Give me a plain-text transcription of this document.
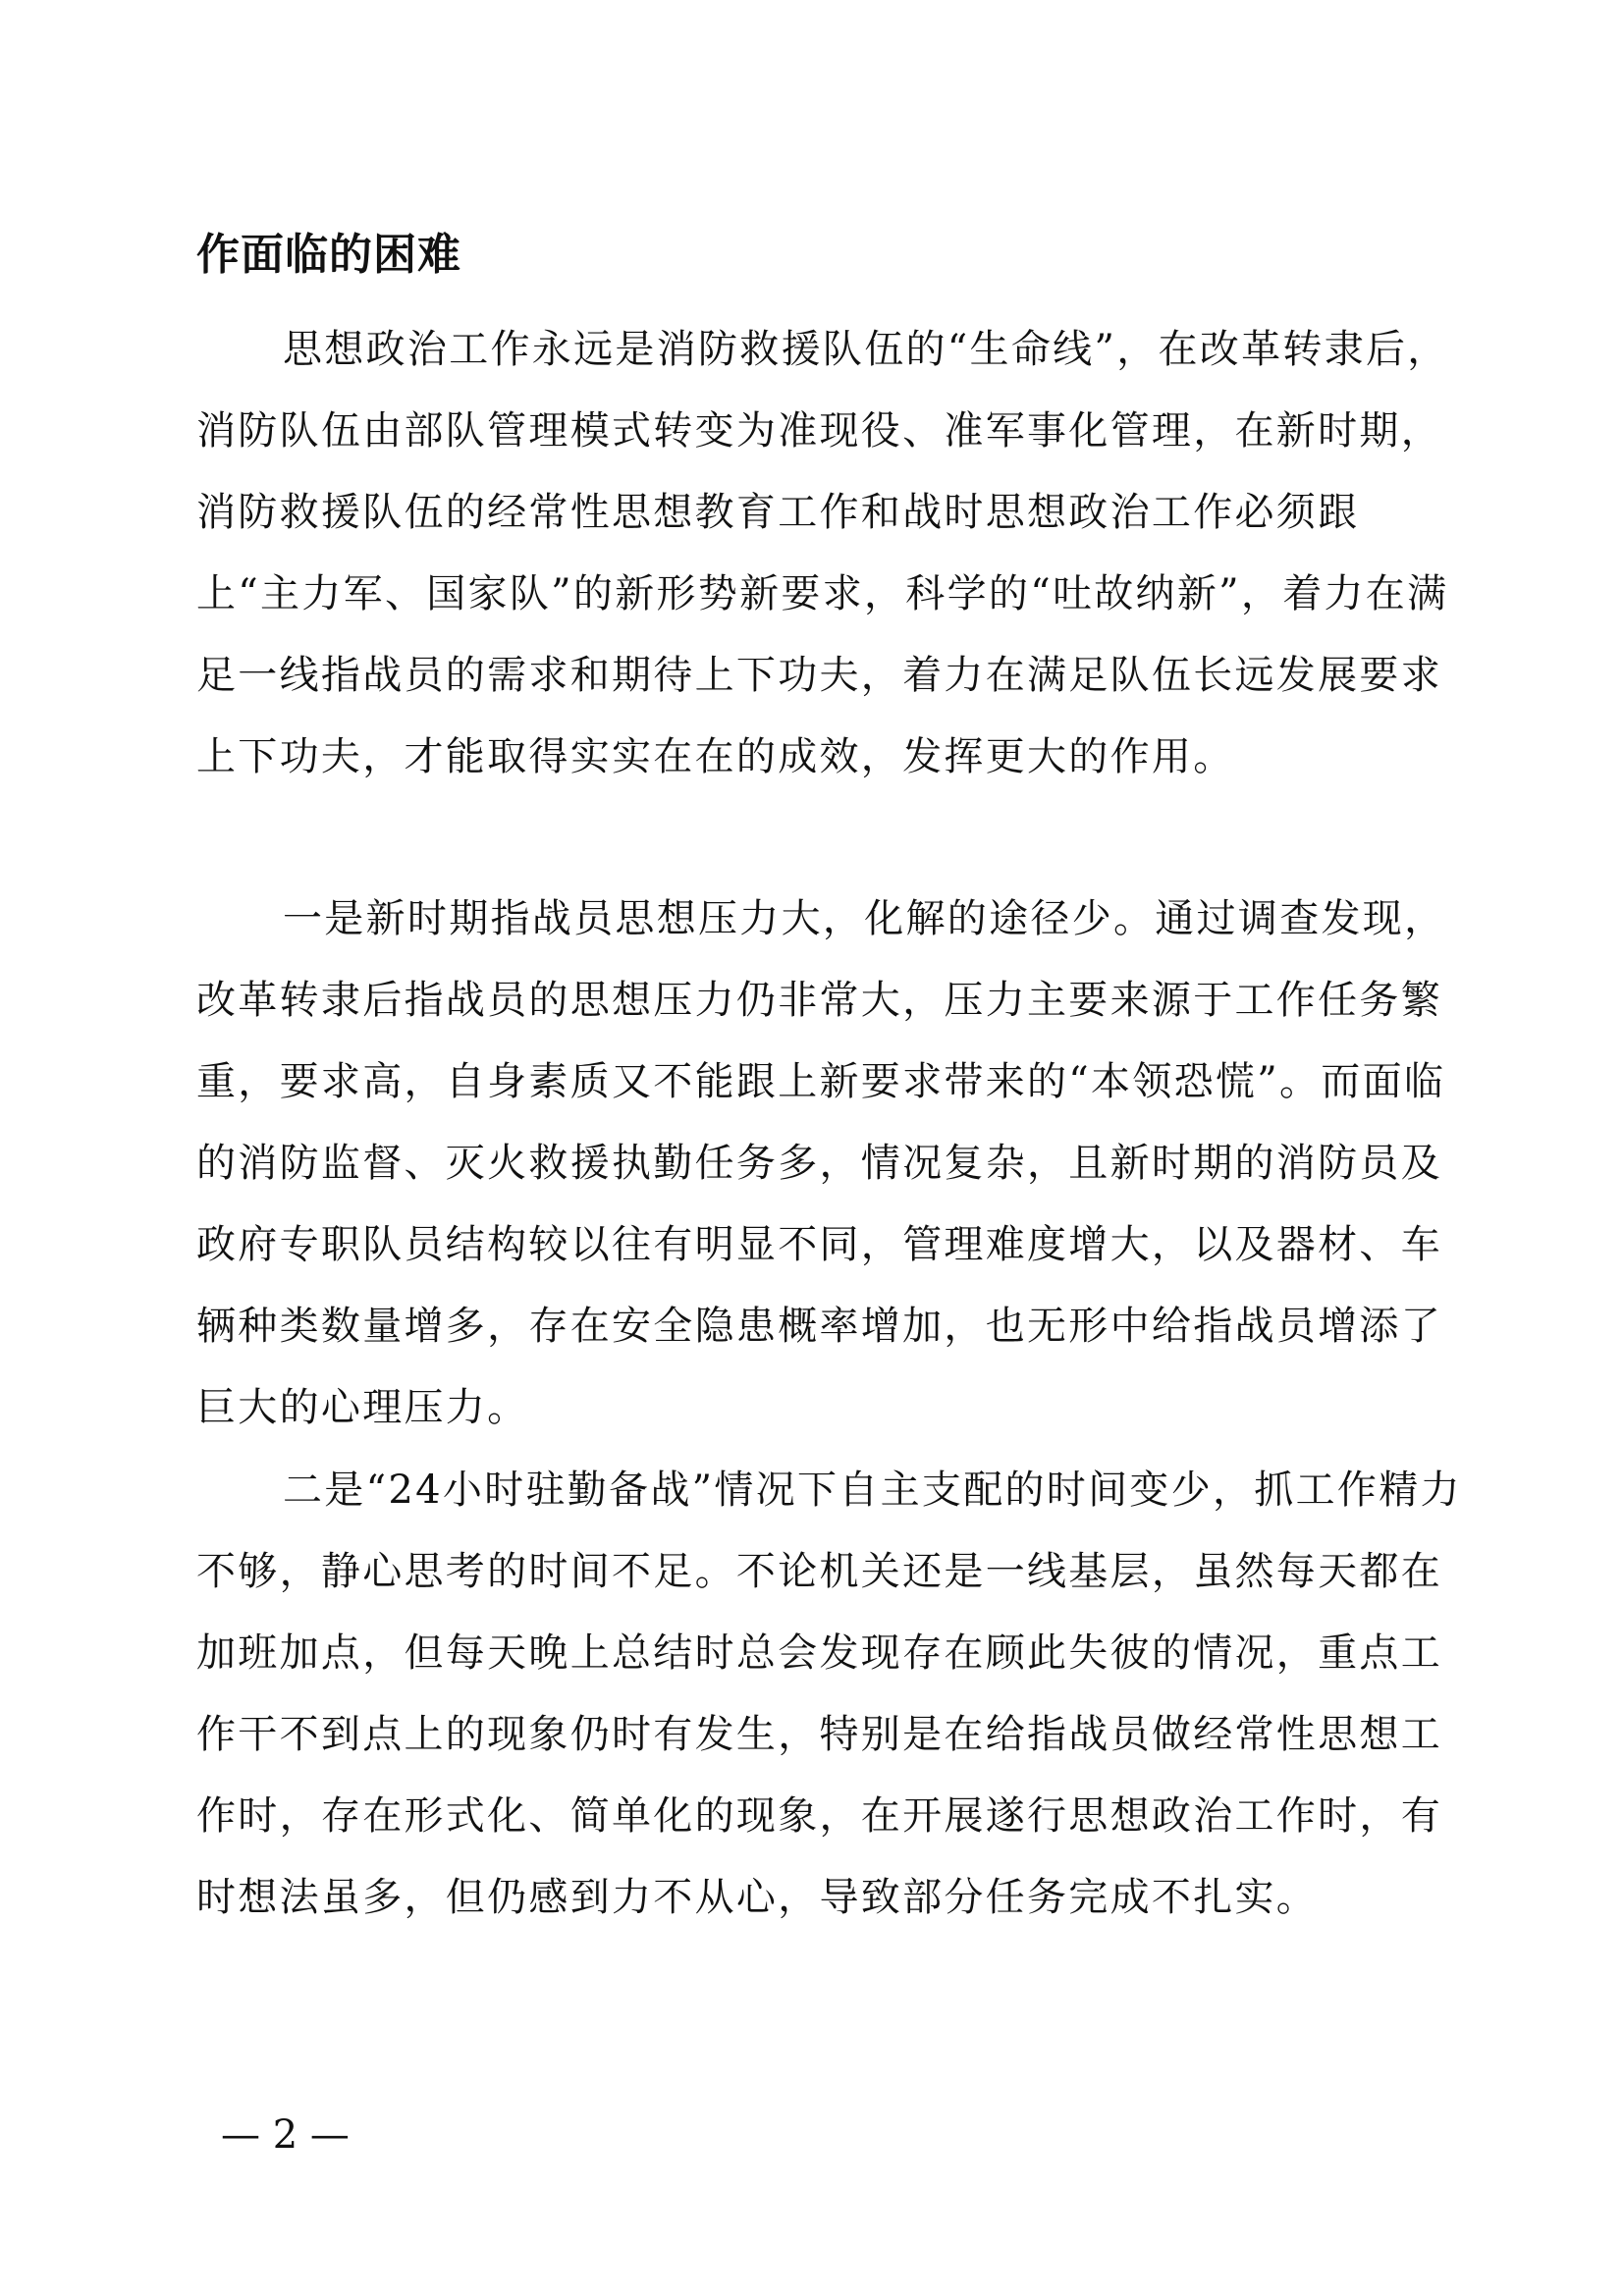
作面临的困难

思想政治工作永远是消防救援队伍的“生命线”，在改革转隶后，消防队伍由部队管理模式转变为准现役、准军事化管理，在新时期，消防救援队伍的经常性思想教育工作和战时思想政治工作必须跟上“主力军、国家队”的新形势新要求，科学的“吐故纳新”，着力在满足一线指战员的需求和期待上下功夫，着力在满足队伍长远发展要求上下功夫，才能取得实实在在的成效，发挥更大的作用。

一是新时期指战员思想压力大，化解的途径少。通过调查发现，改革转隶后指战员的思想压力仍非常大，压力主要来源于工作任务繁重，要求高，自身素质又不能跟上新要求带来的“本领恐慌”。而面临的消防监督、灭火救援执勤任务多，情况复杂，且新时期的消防员及政府专职队员结构较以往有明显不同，管理难度增大，以及器材、车辆种类数量增多，存在安全隐患概率增加，也无形中给指战员增添了巨大的心理压力。

二是“24小时驻勤备战”情况下自主支配的时间变少，抓工作精力不够，静心思考的时间不足。不论机关还是一线基层，虽然每天都在加班加点，但每天晚上总结时总会发现存在顾此失彼的情况，重点工作干不到点上的现象仍时有发生，特别是在给指战员做经常性思想工作时，存在形式化、简单化的现象，在开展遂行思想政治工作时，有时想法虽多，但仍感到力不从心，导致部分任务完成不扎实。

— 2 —
